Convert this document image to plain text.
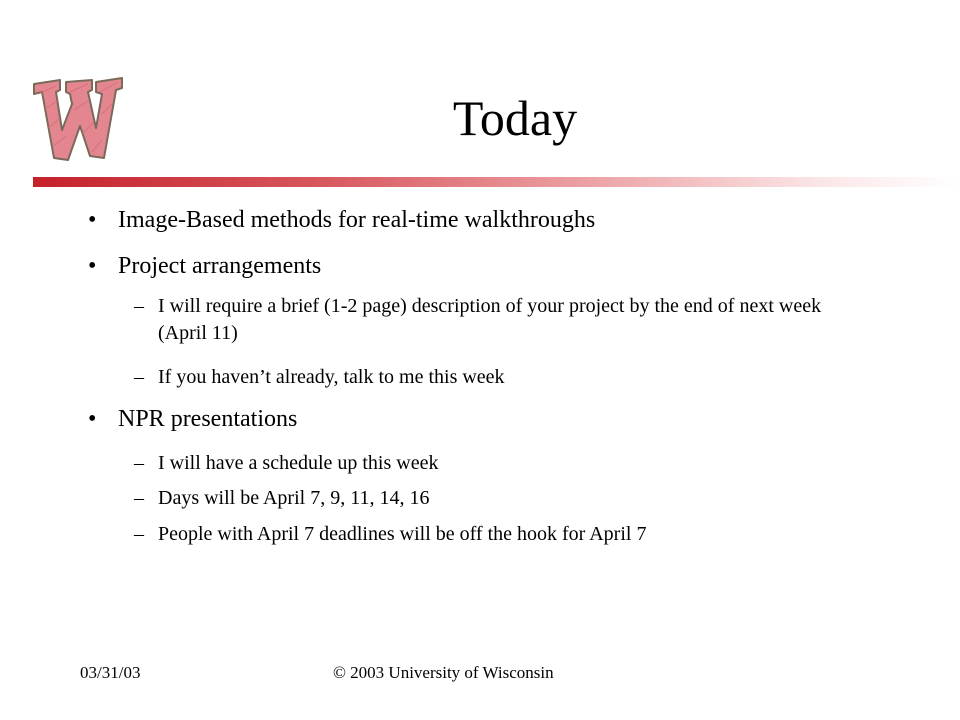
Today
• Image-Based methods for real-time walkthroughs
• Project arrangements
– I will require a brief (1-2 page) description of your project by the end of next week (April 11)
– If you haven’t already, talk to me this week
• NPR presentations
– I will have a schedule up this week
– Days will be April 7, 9, 11, 14, 16
– People with April 7 deadlines will be off the hook for April 7
03/31/03	© 2003 University of Wisconsin
